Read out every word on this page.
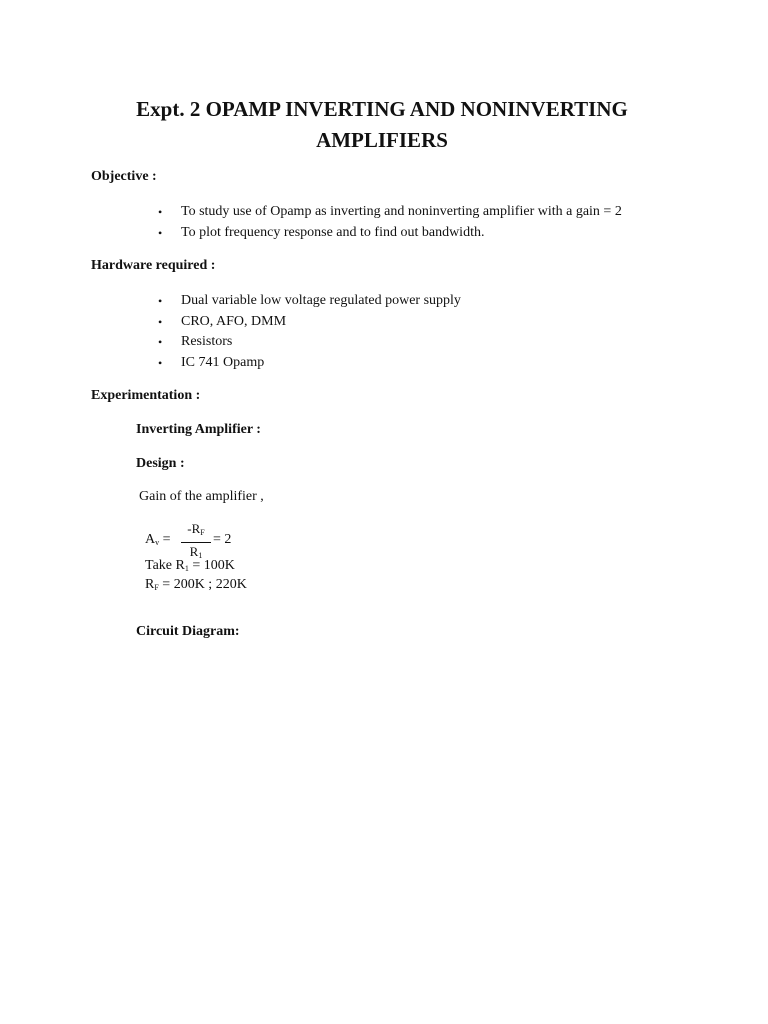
Expt. 2 OPAMP INVERTING AND NONINVERTING
AMPLIFIERS
Objective :
• To study use of Opamp as inverting and noninverting amplifier with a gain = 2
• To plot frequency response and to find out bandwidth.
Hardware required :
• Dual variable low voltage regulated power supply
• CRO, AFO, DMM
• Resistors
• IC 741 Opamp
Experimentation :
Inverting Amplifier :
Design :
Gain of the amplifier ,
$A_v$ =
$-R_F$
$R_1$
= 2
Take $R_1 = 100K$
$R_F = 200K$ ; 220K
Circuit Diagram:
